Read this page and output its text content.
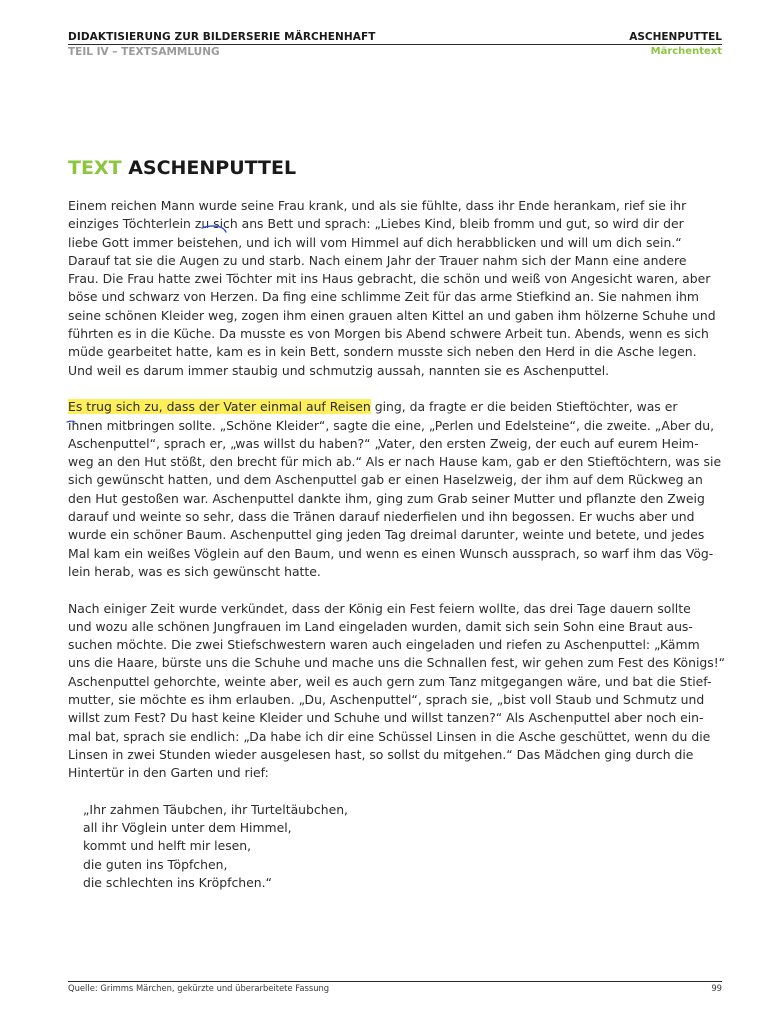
DIDAKTISIERUNG ZUR BILDERSERIE MÄRCHENHAFT
TEIL IV – TEXTSAMMLUNG
ASCHENPUTTEL
Märchentext
TEXT ASCHENPUTTEL
Einem reichen Mann wurde seine Frau krank, und als sie fühlte, dass ihr Ende herankam, rief sie ihr
einziges Töchterlein zu sich ans Bett und sprach: „Liebes Kind, bleib fromm und gut, so wird dir der
liebe Gott immer beistehen, und ich will vom Himmel auf dich herabblicken und will um dich sein.“
Darauf tat sie die Augen zu und starb. Nach einem Jahr der Trauer nahm sich der Mann eine andere
Frau. Die Frau hatte zwei Töchter mit ins Haus gebracht, die schön und weiß von Angesicht waren, aber
böse und schwarz von Herzen. Da fing eine schlimme Zeit für das arme Stiefkind an. Sie nahmen ihm
seine schönen Kleider weg, zogen ihm einen grauen alten Kittel an und gaben ihm hölzerne Schuhe und
führten es in die Küche. Da musste es von Morgen bis Abend schwere Arbeit tun. Abends, wenn es sich
müde gearbeitet hatte, kam es in kein Bett, sondern musste sich neben den Herd in die Asche legen.
Und weil es darum immer staubig und schmutzig aussah, nannten sie es Aschenputtel.
Es trug sich zu, dass der Vater einmal auf Reisen ging, da fragte er die beiden Stieftöchter, was er
ihnen mitbringen sollte. „Schöne Kleider“, sagte die eine, „Perlen und Edelsteine“, die zweite. „Aber du,
Aschenputtel“, sprach er, „was willst du haben?“ „Vater, den ersten Zweig, der euch auf eurem Heim-
weg an den Hut stößt, den brecht für mich ab.“ Als er nach Hause kam, gab er den Stieftöchtern, was sie
sich gewünscht hatten, und dem Aschenputtel gab er einen Haselzweig, der ihm auf dem Rückweg an
den Hut gestoßen war. Aschenputtel dankte ihm, ging zum Grab seiner Mutter und pflanzte den Zweig
darauf und weinte so sehr, dass die Tränen darauf niederfielen und ihn begossen. Er wuchs aber und
wurde ein schöner Baum. Aschenputtel ging jeden Tag dreimal darunter, weinte und betete, und jedes
Mal kam ein weißes Vöglein auf den Baum, und wenn es einen Wunsch aussprach, so warf ihm das Vög-
lein herab, was es sich gewünscht hatte.
Nach einiger Zeit wurde verkündet, dass der König ein Fest feiern wollte, das drei Tage dauern sollte
und wozu alle schönen Jungfrauen im Land eingeladen wurden, damit sich sein Sohn eine Braut aus-
suchen möchte. Die zwei Stiefschwestern waren auch eingeladen und riefen zu Aschenputtel: „Kämm
uns die Haare, bürste uns die Schuhe und mache uns die Schnallen fest, wir gehen zum Fest des Königs!“
Aschenputtel gehorchte, weinte aber, weil es auch gern zum Tanz mitgegangen wäre, und bat die Stief-
mutter, sie möchte es ihm erlauben. „Du, Aschenputtel“, sprach sie, „bist voll Staub und Schmutz und
willst zum Fest? Du hast keine Kleider und Schuhe und willst tanzen?“ Als Aschenputtel aber noch ein-
mal bat, sprach sie endlich: „Da habe ich dir eine Schüssel Linsen in die Asche geschüttet, wenn du die
Linsen in zwei Stunden wieder ausgelesen hast, so sollst du mitgehen.“ Das Mädchen ging durch die
Hintertür in den Garten und rief:
„Ihr zahmen Täubchen, ihr Turteltäubchen,
all ihr Vöglein unter dem Himmel,
kommt und helft mir lesen,
die guten ins Töpfchen,
die schlechten ins Kröpfchen.“
Quelle: Grimms Märchen, gekürzte und überarbeitete Fassung	99
